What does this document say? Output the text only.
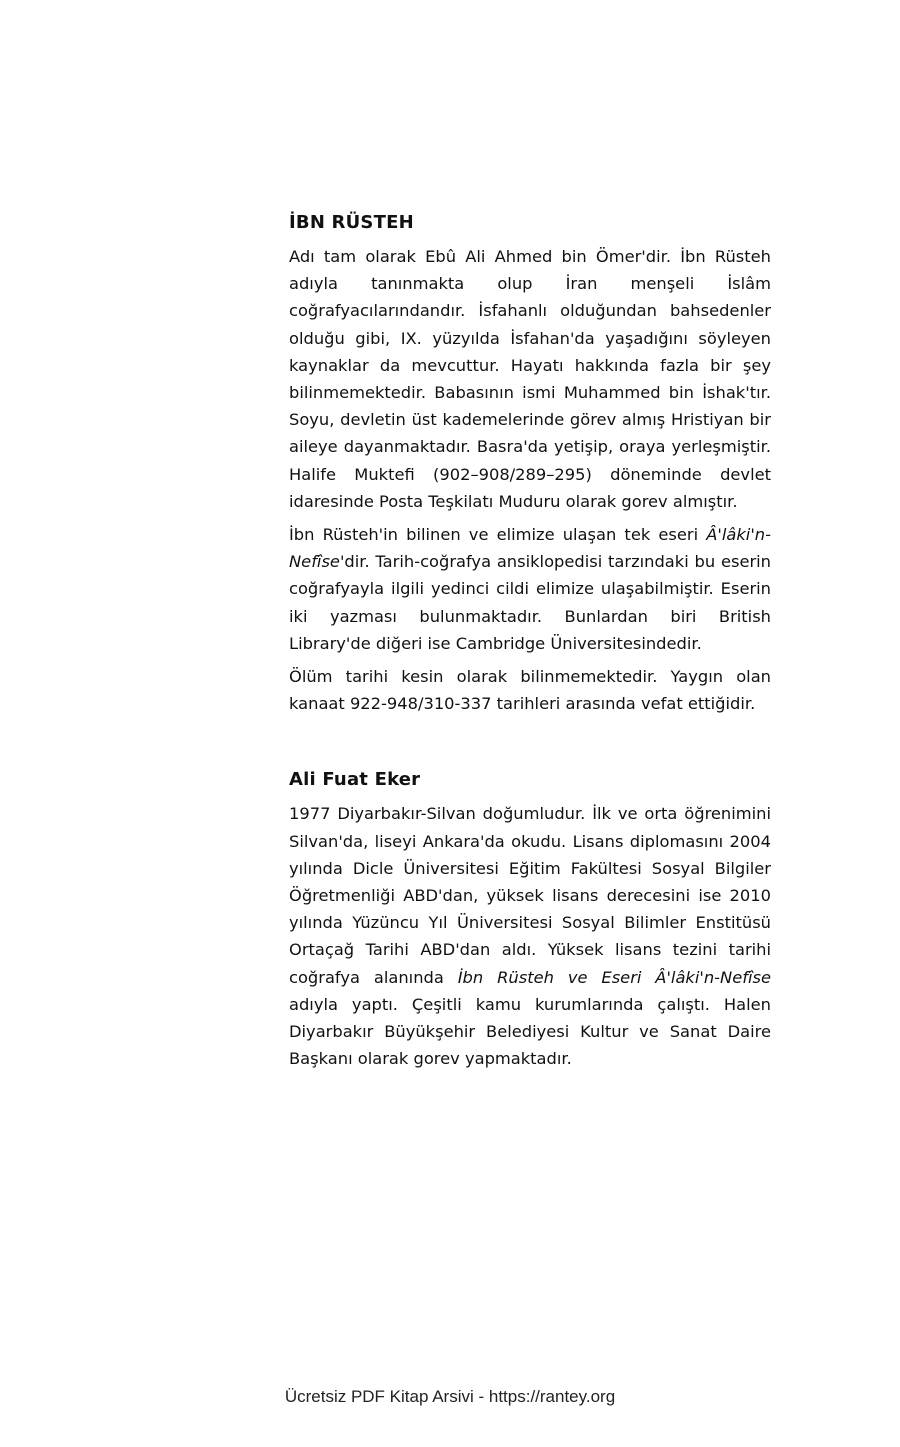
İBN RÜSTEH

Adı tam olarak Ebû Ali Ahmed bin Ömer'dir. İbn Rüsteh adıyla tanınmakta olup İran menşeli İslâm coğrafyacılarındandır. İsfahanlı olduğundan bahsedenler olduğu gibi, IX. yüzyılda İsfahan'da yaşadığını söyleyen kaynaklar da mevcuttur. Hayatı hakkında fazla bir şey bilinmemektedir. Babasının ismi Muhammed bin İshak'tır. Soyu, devletin üst kademelerinde görev almış Hristiyan bir aileye dayanmaktadır. Basra'da yetişip, oraya yerleşmiştir. Halife Muktefi (902–908/289–295) döneminde devlet idaresinde Posta Teşkilatı Muduru olarak gorev almıştır.

İbn Rüsteh'in bilinen ve elimize ulaşan tek eseri Â'lâki'n-Nefîse'dir. Tarih-coğrafya ansiklopedisi tarzındaki bu eserin coğrafyayla ilgili yedinci cildi elimize ulaşabilmiştir. Eserin iki yazması bulunmaktadır. Bunlardan biri British Library'de diğeri ise Cambridge Üniversitesindedir.

Ölüm tarihi kesin olarak bilinmemektedir. Yaygın olan kanaat 922-948/310-337 tarihleri arasında vefat ettiğidir.

Ali Fuat Eker

1977 Diyarbakır-Silvan doğumludur. İlk ve orta öğrenimini Silvan'da, liseyi Ankara'da okudu. Lisans diplomasını 2004 yılında Dicle Üniversitesi Eğitim Fakültesi Sosyal Bilgiler Öğretmenliği ABD'dan, yüksek lisans derecesini ise 2010 yılında Yüzüncu Yıl Üniversitesi Sosyal Bilimler Enstitüsü Ortaçağ Tarihi ABD'dan aldı. Yüksek lisans tezini tarihi coğrafya alanında İbn Rüsteh ve Eseri Â'lâki'n-Nefîse adıyla yaptı. Çeşitli kamu kurumlarında çalıştı. Halen Diyarbakır Büyükşehir Belediyesi Kultur ve Sanat Daire Başkanı olarak gorev yapmaktadır.

Ücretsiz PDF Kitap Arsivi - https://rantey.org
